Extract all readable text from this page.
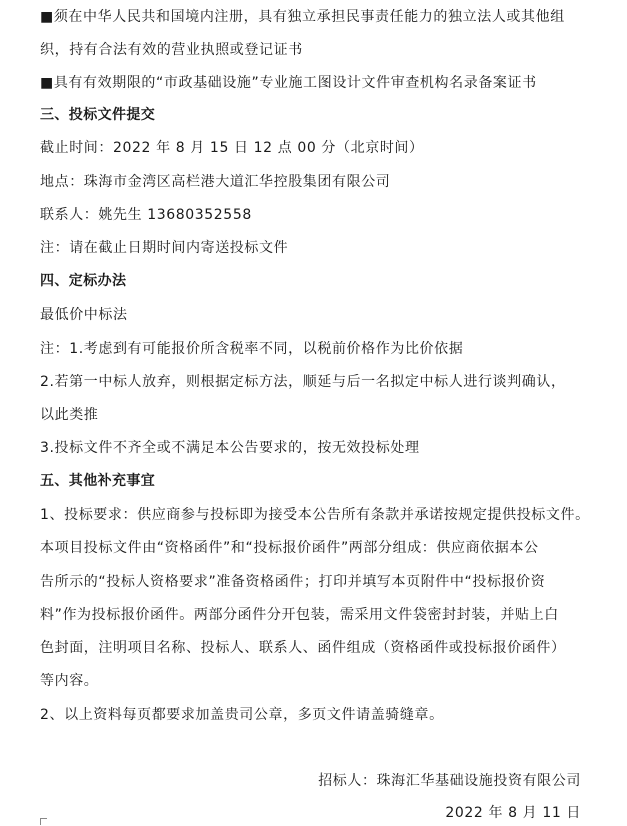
■须在中华人民共和国境内注册，具有独立承担民事责任能力的独立法人或其他组
织，持有合法有效的营业执照或登记证书
■具有有效期限的“市政基础设施”专业施工图设计文件审查机构名录备案证书
三、投标文件提交
截止时间：2022 年 8 月 15 日 12 点 00 分（北京时间）
地点：珠海市金湾区高栏港大道汇华控股集团有限公司
联系人：姚先生 13680352558
注：请在截止日期时间内寄送投标文件
四、定标办法
最低价中标法
注：1.考虑到有可能报价所含税率不同，以税前价格作为比价依据
2.若第一中标人放弃，则根据定标方法，顺延与后一名拟定中标人进行谈判确认，
以此类推
3.投标文件不齐全或不满足本公告要求的，按无效投标处理
五、其他补充事宜
1、投标要求：供应商参与投标即为接受本公告所有条款并承诺按规定提供投标文件。
本项目投标文件由“资格函件”和“投标报价函件”两部分组成：供应商依据本公
告所示的“投标人资格要求”准备资格函件；打印并填写本页附件中“投标报价资
料”作为投标报价函件。两部分函件分开包装，需采用文件袋密封封装，并贴上白
色封面，注明项目名称、投标人、联系人、函件组成（资格函件或投标报价函件）
等内容。
2、以上资料每页都要求加盖贵司公章，多页文件请盖骑缝章。
招标人：珠海汇华基础设施投资有限公司
2022 年 8 月 11 日
